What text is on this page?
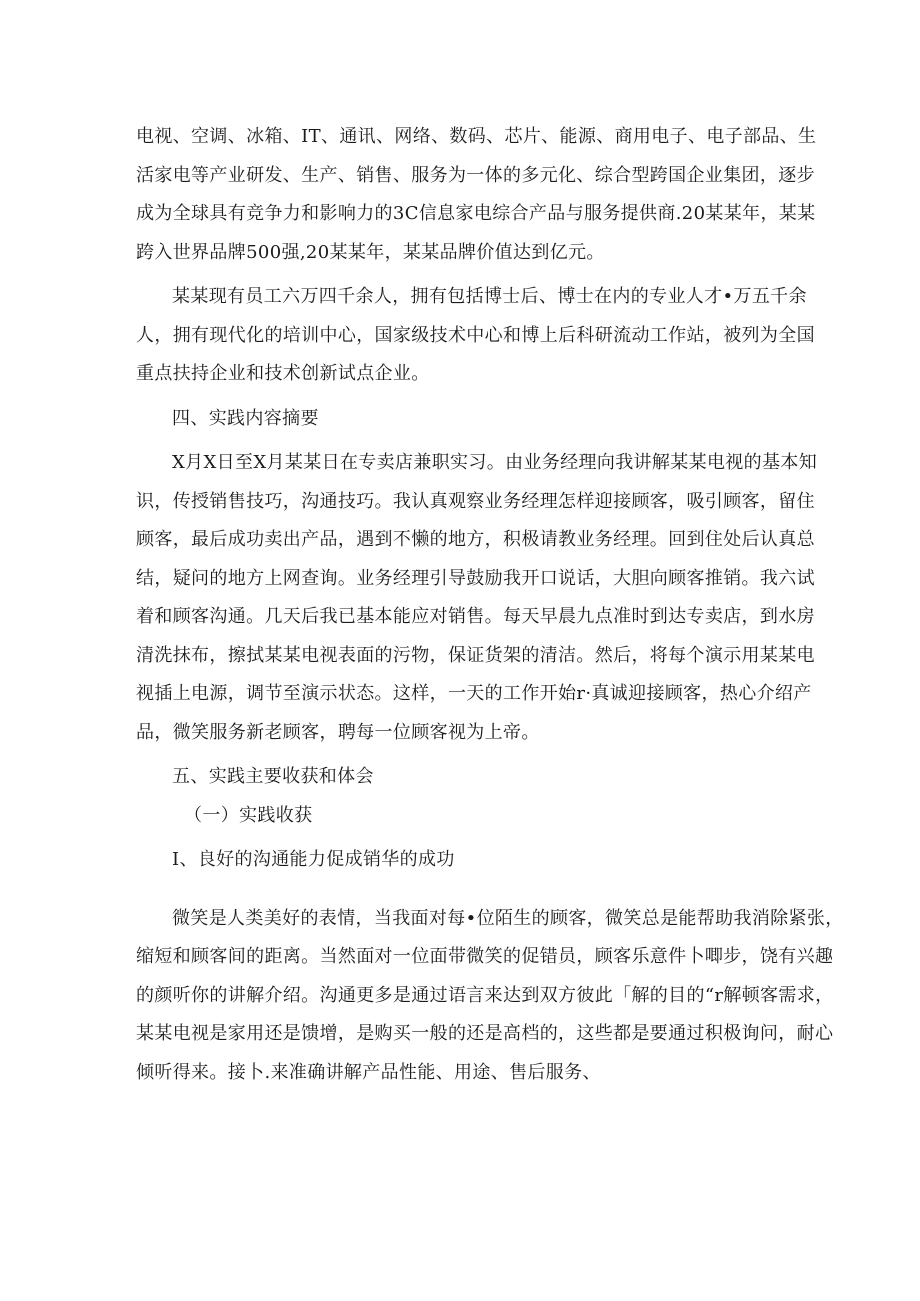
电视、空调、冰箱、IT、通讯、网络、数码、芯片、能源、商用电子、电子部品、生
活家电等产业研发、生产、销售、服务为一体的多元化、综合型跨国企业集团，逐步
成为全球具有竞争力和影响力的3C信息家电综合产品与服务提供商.20某某年，某某
跨入世界品牌500强,20某某年，某某品牌价值达到亿元。
某某现有员工六万四千余人，拥有包括博士后、博士在内的专业人才•万五千余
人，拥有现代化的培训中心，国家级技术中心和博上后科研流动工作站，被列为全国
重点扶持企业和技术创新试点企业。
四、实践内容摘要
X月X日至X月某某日在专卖店兼职实习。由业务经理向我讲解某某电视的基本知
识，传授销售技巧，沟通技巧。我认真观察业务经理怎样迎接顾客，吸引顾客，留住
顾客，最后成功卖出产品，遇到不懒的地方，积极请教业务经理。回到住处后认真总
结，疑问的地方上网查询。业务经理引导鼓励我开口说话，大胆向顾客推销。我六试
着和顾客沟通。几天后我已基本能应对销售。每天早晨九点准时到达专卖店，到水房
清洗抹布，擦拭某某电视表面的污物，保证货架的清洁。然后，将每个演示用某某电
视插上电源，调节至演示状态。这样，一天的工作开始r·真诚迎接顾客，热心介绍产
品，微笑服务新老顾客，聘每一位顾客视为上帝。
五、实践主要收获和体会
（一）实践收获
I、良好的沟通能力促成销华的成功
微笑是人类美好的表情，当我面对每•位陌生的顾客，微笑总是能帮助我消除紧张，
缩短和顾客间的距离。当然面对一位面带微笑的促错员，顾客乐意件卜唧步，饶有兴趣
的颜听你的讲解介绍。沟通更多是通过语言来达到双方彼此「解的目的“r解顿客需求，
某某电视是家用还是馈增，是购买一般的还是高档的，这些都是要通过积极询问，耐心
倾听得来。接卜.来准确讲解产品性能、用途、售后服务、
